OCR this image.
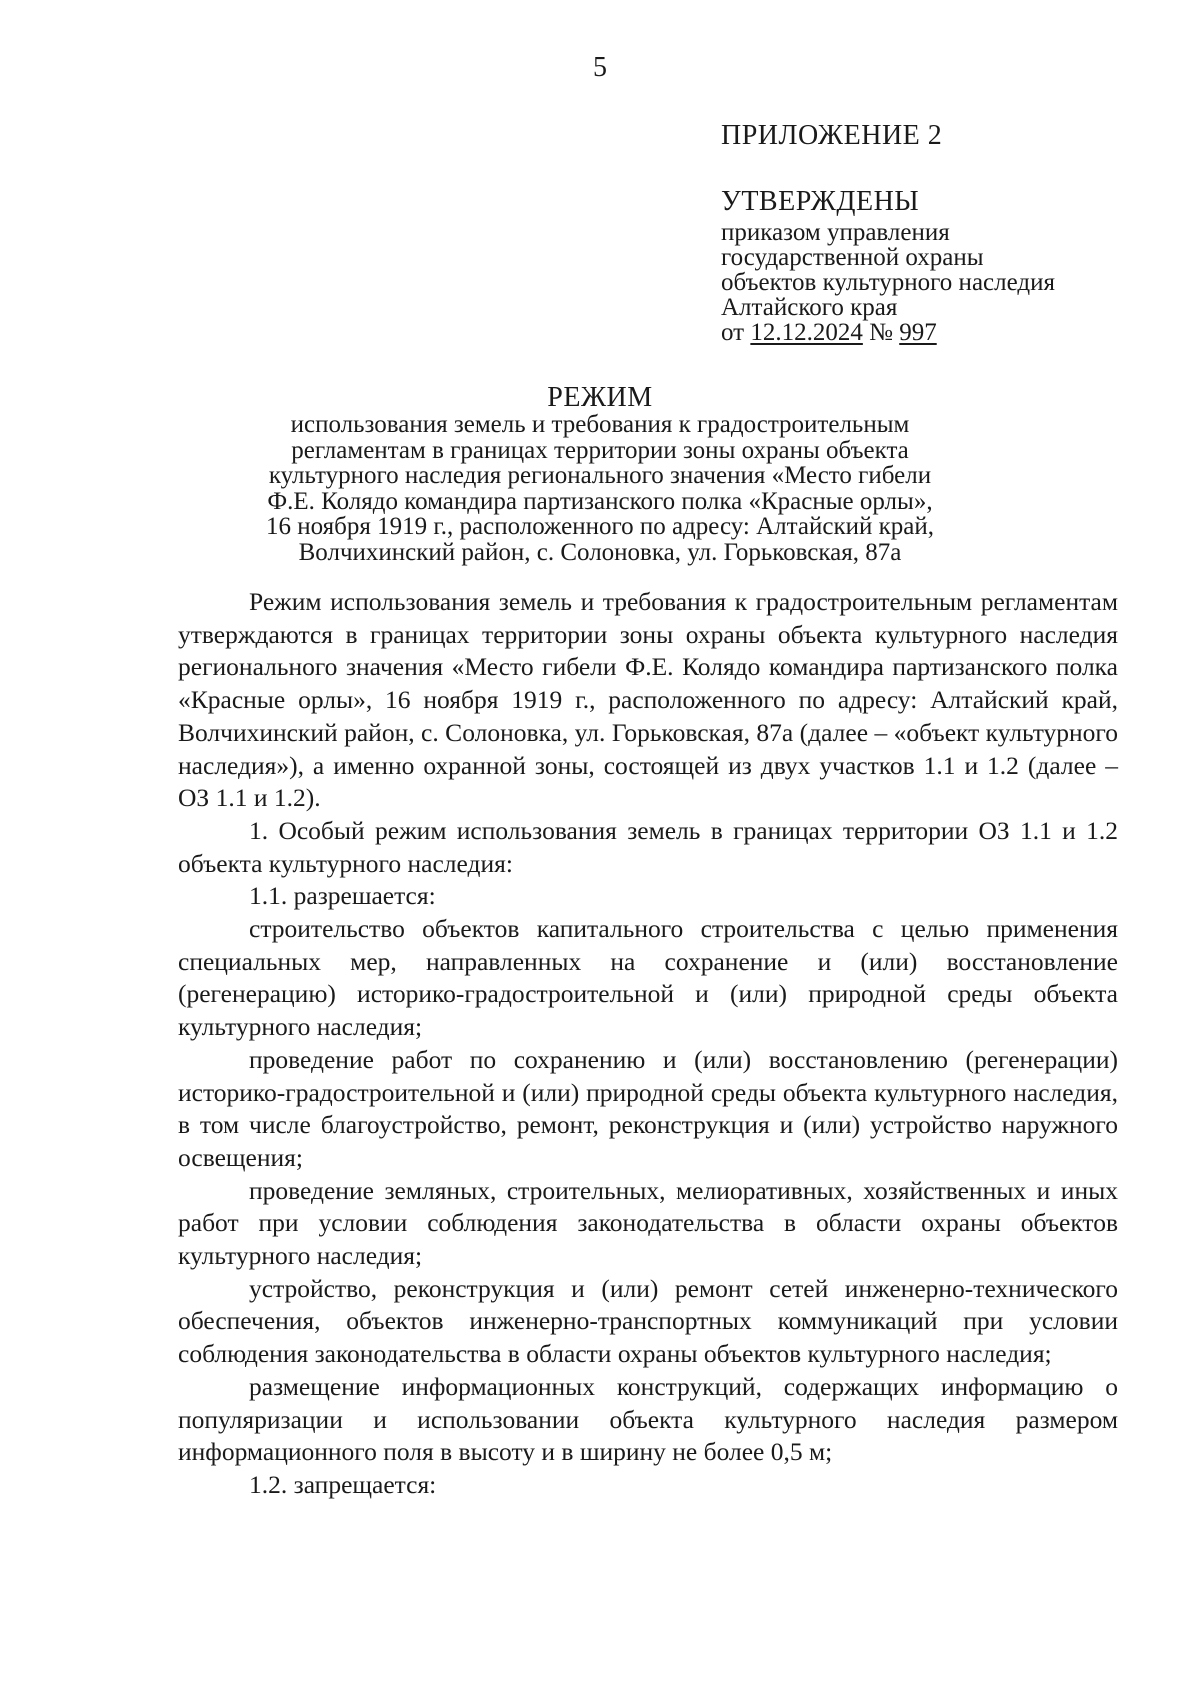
5
ПРИЛОЖЕНИЕ 2
УТВЕРЖДЕНЫ
приказом управления
государственной охраны
объектов культурного наследия
Алтайского края
от 12.12.2024 № 997
РЕЖИМ
использования земель и требования к градостроительным
регламентам в границах территории зоны охраны объекта
культурного наследия регионального значения «Место гибели
Ф.Е. Колядо командира партизанского полка «Красные орлы»,
16 ноября 1919 г., расположенного по адресу: Алтайский край,
Волчихинский район, с. Солоновка, ул. Горьковская, 87а

Режим использования земель и требования к градостроительным регламентам утверждаются в границах территории зоны охраны объекта культурного наследия регионального значения «Место гибели Ф.Е. Колядо командира партизанского полка «Красные орлы», 16 ноября 1919 г., расположенного по адресу: Алтайский край, Волчихинский район, с. Солоновка, ул. Горьковская, 87а (далее – «объект культурного наследия»), а именно охранной зоны, состоящей из двух участков 1.1 и 1.2 (далее – ОЗ 1.1 и 1.2).

1. Особый режим использования земель в границах территории ОЗ 1.1 и 1.2 объекта культурного наследия:

1.1. разрешается:

строительство объектов капитального строительства с целью применения специальных мер, направленных на сохранение и (или) восстановление (регенерацию) историко-градостроительной и (или) природной среды объекта культурного наследия;

проведение работ по сохранению и (или) восстановлению (регенерации) историко-градостроительной и (или) природной среды объекта культурного наследия, в том числе благоустройство, ремонт, реконструкция и (или) устройство наружного освещения;

проведение земляных, строительных, мелиоративных, хозяйственных и иных работ при условии соблюдения законодательства в области охраны объектов культурного наследия;

устройство, реконструкция и (или) ремонт сетей инженерно-технического обеспечения, объектов инженерно-транспортных коммуникаций при условии соблюдения законодательства в области охраны объектов культурного наследия;

размещение информационных конструкций, содержащих информацию о популяризации и использовании объекта культурного наследия размером информационного поля в высоту и в ширину не более 0,5 м;

1.2. запрещается:
